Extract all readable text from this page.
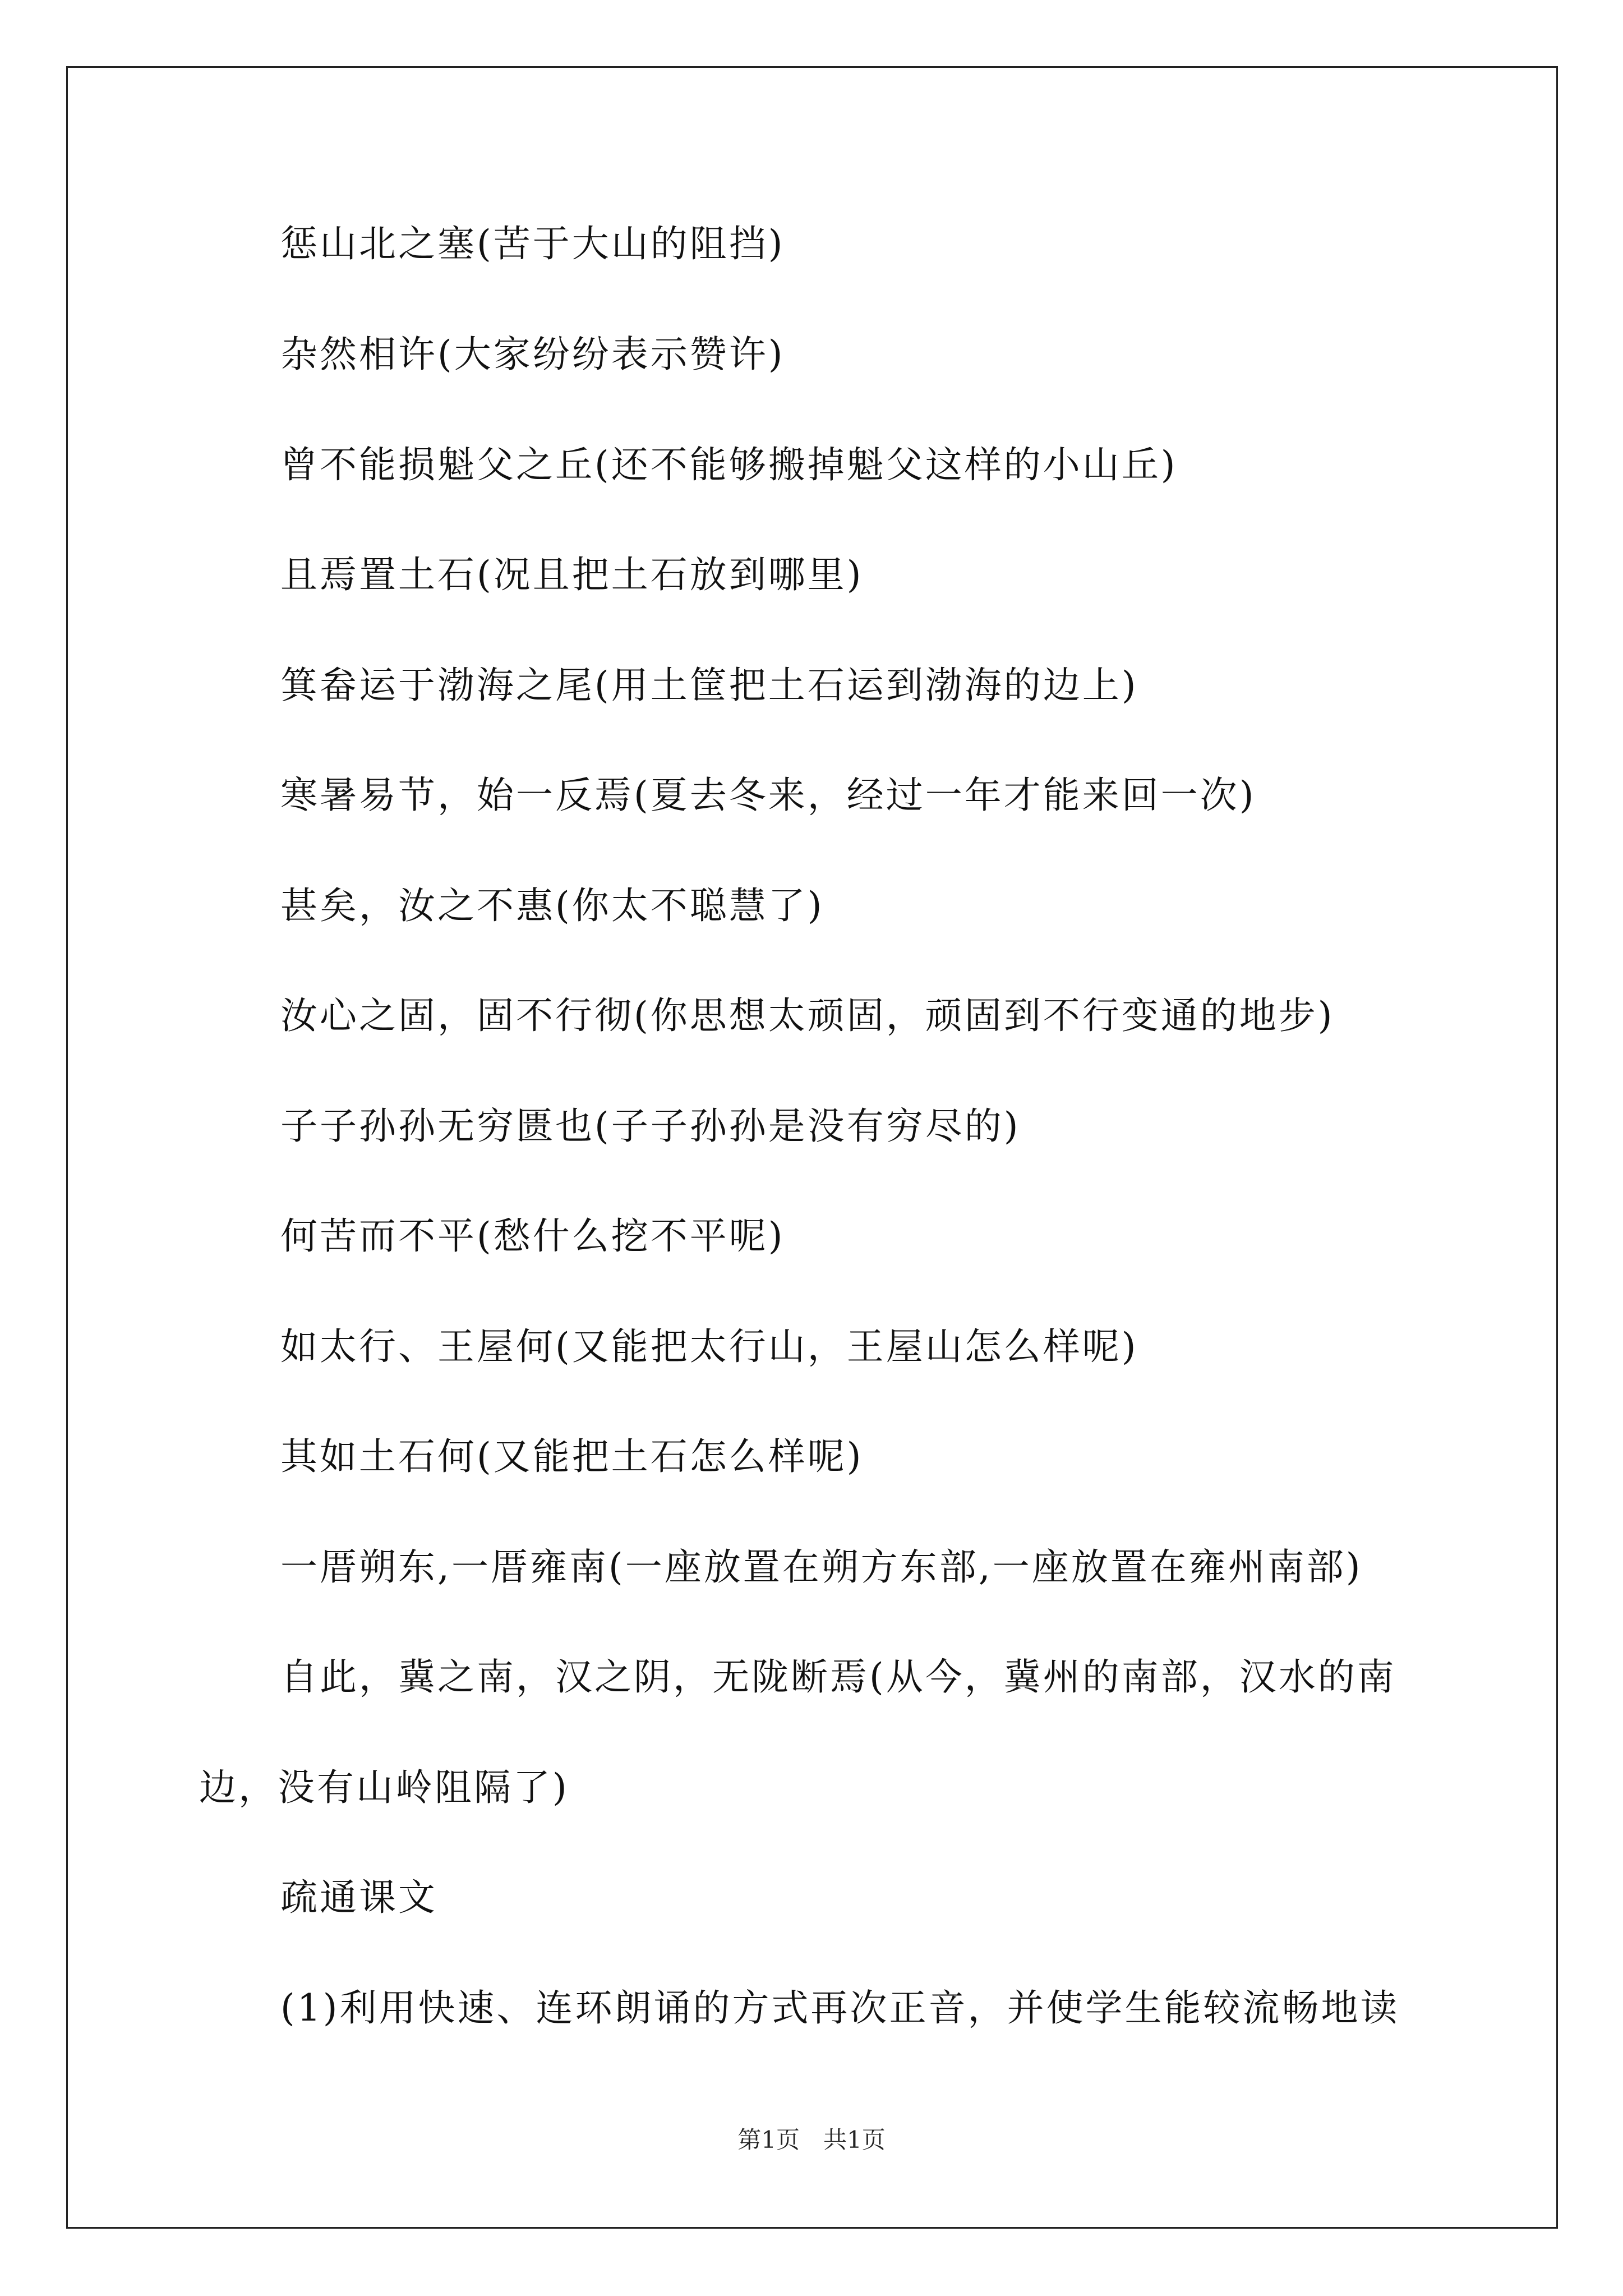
惩山北之塞(苦于大山的阻挡)
杂然相许(大家纷纷表示赞许)
曾不能损魁父之丘(还不能够搬掉魁父这样的小山丘)
且焉置土石(况且把土石放到哪里)
箕畚运于渤海之尾(用土筐把土石运到渤海的边上)
寒暑易节，始一反焉(夏去冬来，经过一年才能来回一次)
甚矣，汝之不惠(你太不聪慧了)
汝心之固，固不行彻(你思想太顽固，顽固到不行变通的地步)
子子孙孙无穷匮也(子子孙孙是没有穷尽的)
何苦而不平(愁什么挖不平呢)
如太行、王屋何(又能把太行山，王屋山怎么样呢)
其如土石何(又能把土石怎么样呢)
一厝朔东,一厝雍南(一座放置在朔方东部,一座放置在雍州南部)
自此，冀之南，汉之阴，无陇断焉(从今，冀州的南部，汉水的南
边，没有山岭阻隔了)
疏通课文
(1)利用快速、连环朗诵的方式再次正音，并使学生能较流畅地读
第1页　共1页
